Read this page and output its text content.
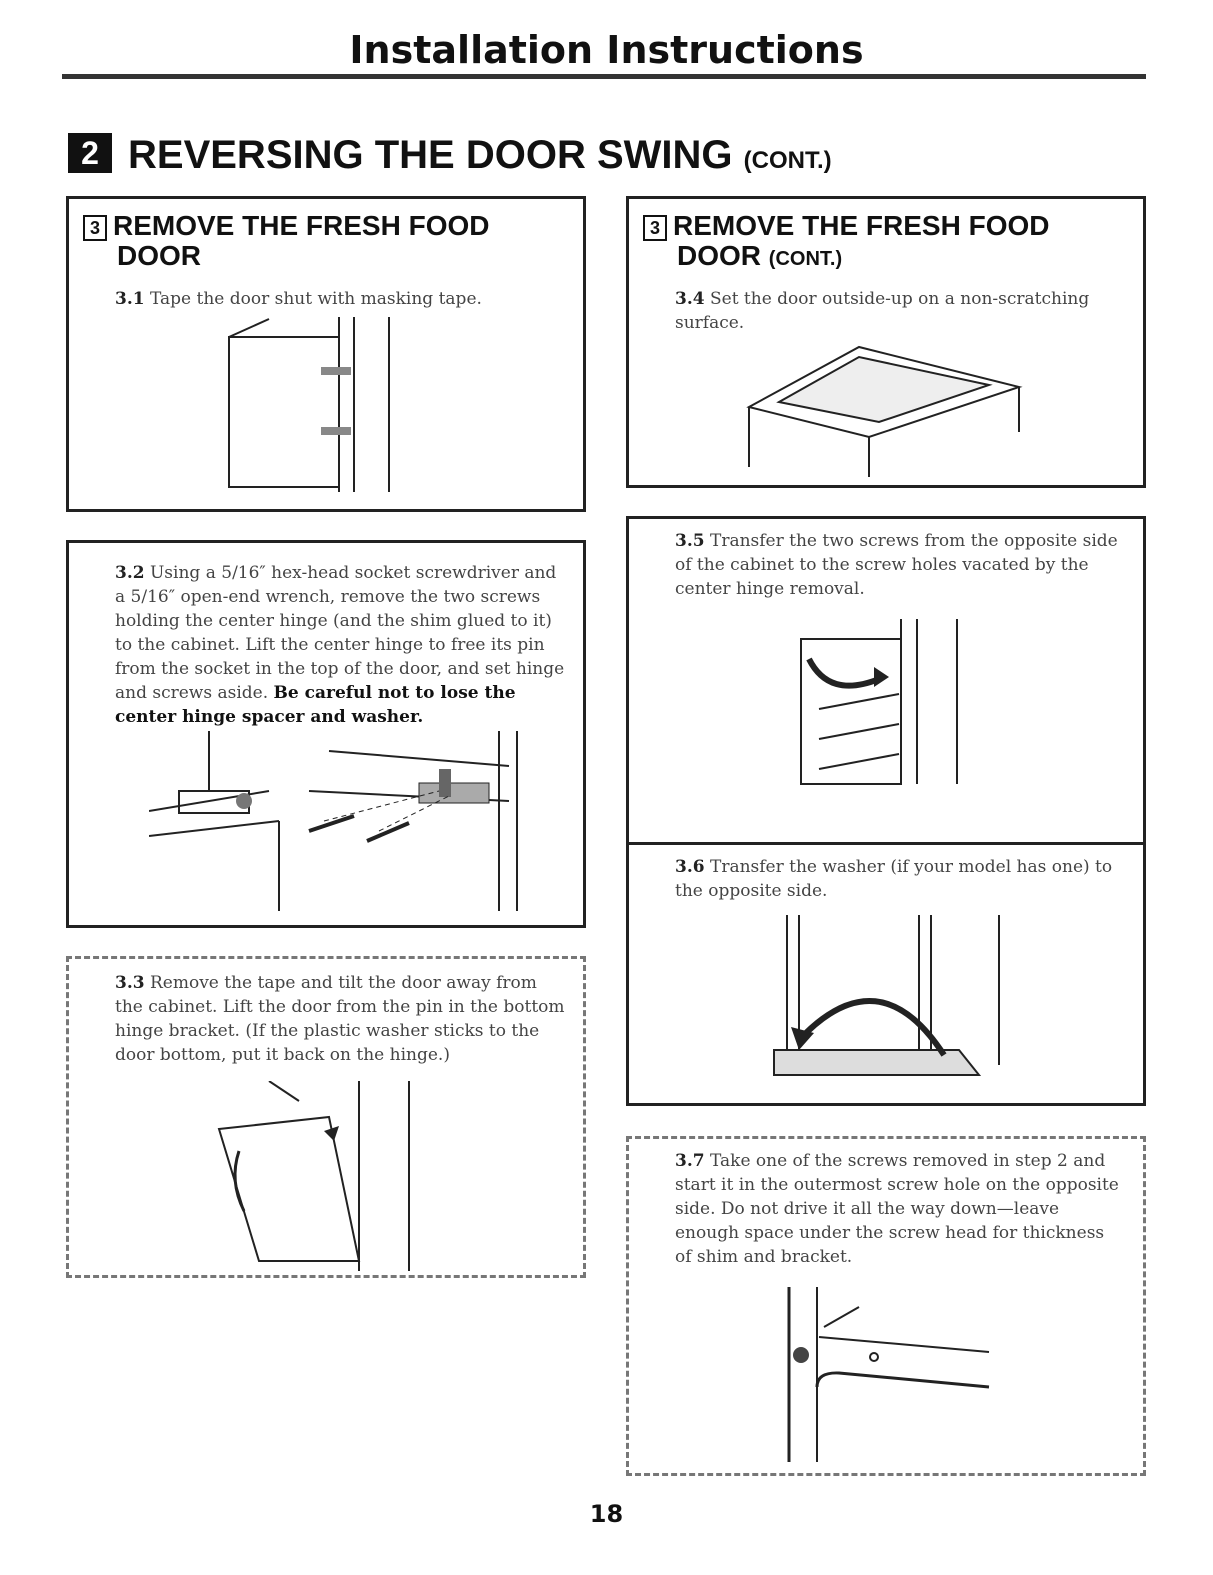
Installation Instructions
2 REVERSING THE DOOR SWING (CONT.)
3 REMOVE THE FRESH FOOD
DOOR
3.1 Tape the door shut with masking tape.
3.2 Using a 5/16″ hex-head socket screwdriver and a 5/16″ open-end wrench, remove the two screws holding the center hinge (and the shim glued to it) to the cabinet. Lift the center hinge to free its pin from the socket in the top of the door, and set hinge and screws aside. Be careful not to lose the center hinge spacer and washer.
3.3 Remove the tape and tilt the door away from the cabinet. Lift the door from the pin in the bottom hinge bracket. (If the plastic washer sticks to the door bottom, put it back on the hinge.)
3 REMOVE THE FRESH FOOD
DOOR (CONT.)
3.4 Set the door outside-up on a non-scratching surface.
3.5 Transfer the two screws from the opposite side of the cabinet to the screw holes vacated by the center hinge removal.
3.6 Transfer the washer (if your model has one) to the opposite side.
3.7 Take one of the screws removed in step 2 and start it in the outermost screw hole on the opposite side. Do not drive it all the way down—leave enough space under the screw head for thickness of shim and bracket.
18
